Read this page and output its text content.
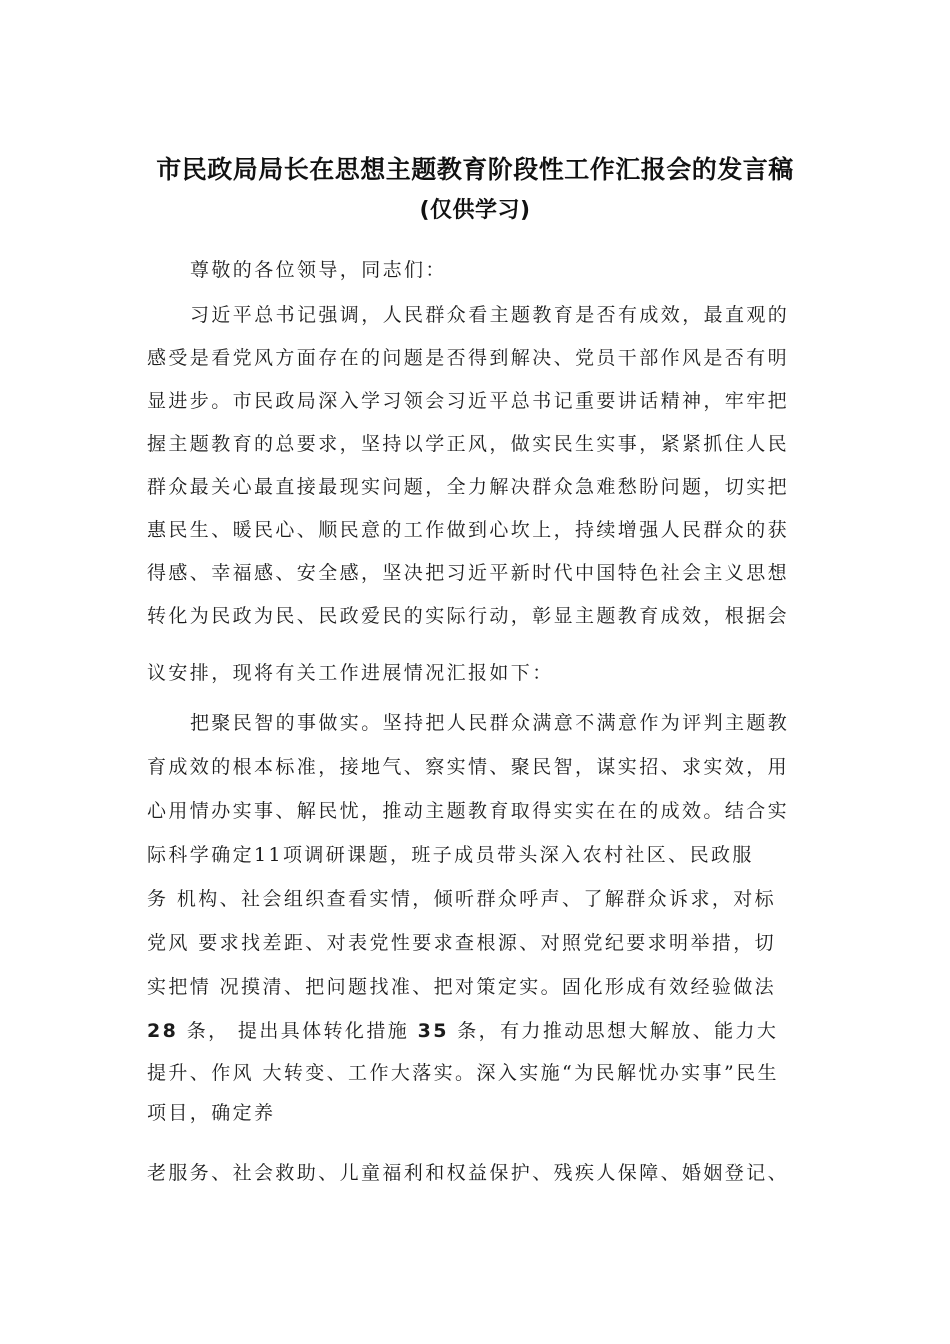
市民政局局长在思想主题教育阶段性工作汇报会的发言稿
(仅供学习)
尊敬的各位领导，同志们：
习近平总书记强调，人民群众看主题教育是否有成效，最直观的
感受是看党风方面存在的问题是否得到解决、党员干部作风是否有明
显进步。市民政局深入学习领会习近平总书记重要讲话精神，牢牢把
握主题教育的总要求，坚持以学正风，做实民生实事，紧紧抓住人民
群众最关心最直接最现实问题，全力解决群众急难愁盼问题，切实把
惠民生、暖民心、顺民意的工作做到心坎上，持续增强人民群众的获
得感、幸福感、安全感，坚决把习近平新时代中国特色社会主义思想
转化为民政为民、民政爱民的实际行动，彰显主题教育成效，根据会
议安排，现将有关工作进展情况汇报如下：
把聚民智的事做实。坚持把人民群众满意不满意作为评判主题教
育成效的根本标准，接地气、察实情、聚民智，谋实招、求实效，用
心用情办实事、解民忧，推动主题教育取得实实在在的成效。结合实
际科学确定11项调研课题，班子成员带头深入农村社区、民政服
务 机构、社会组织查看实情，倾听群众呼声、了解群众诉求，对标
党风 要求找差距、对表党性要求查根源、对照党纪要求明举措，切
实把情 况摸清、把问题找准、把对策定实。固化形成有效经验做法
28 条， 提出具体转化措施 35 条，有力推动思想大解放、能力大
提升、作风 大转变、工作大落实。深入实施“为民解忧办实事”民生
项目，确定养
老服务、社会救助、儿童福利和权益保护、残疾人保障、婚姻登记、
